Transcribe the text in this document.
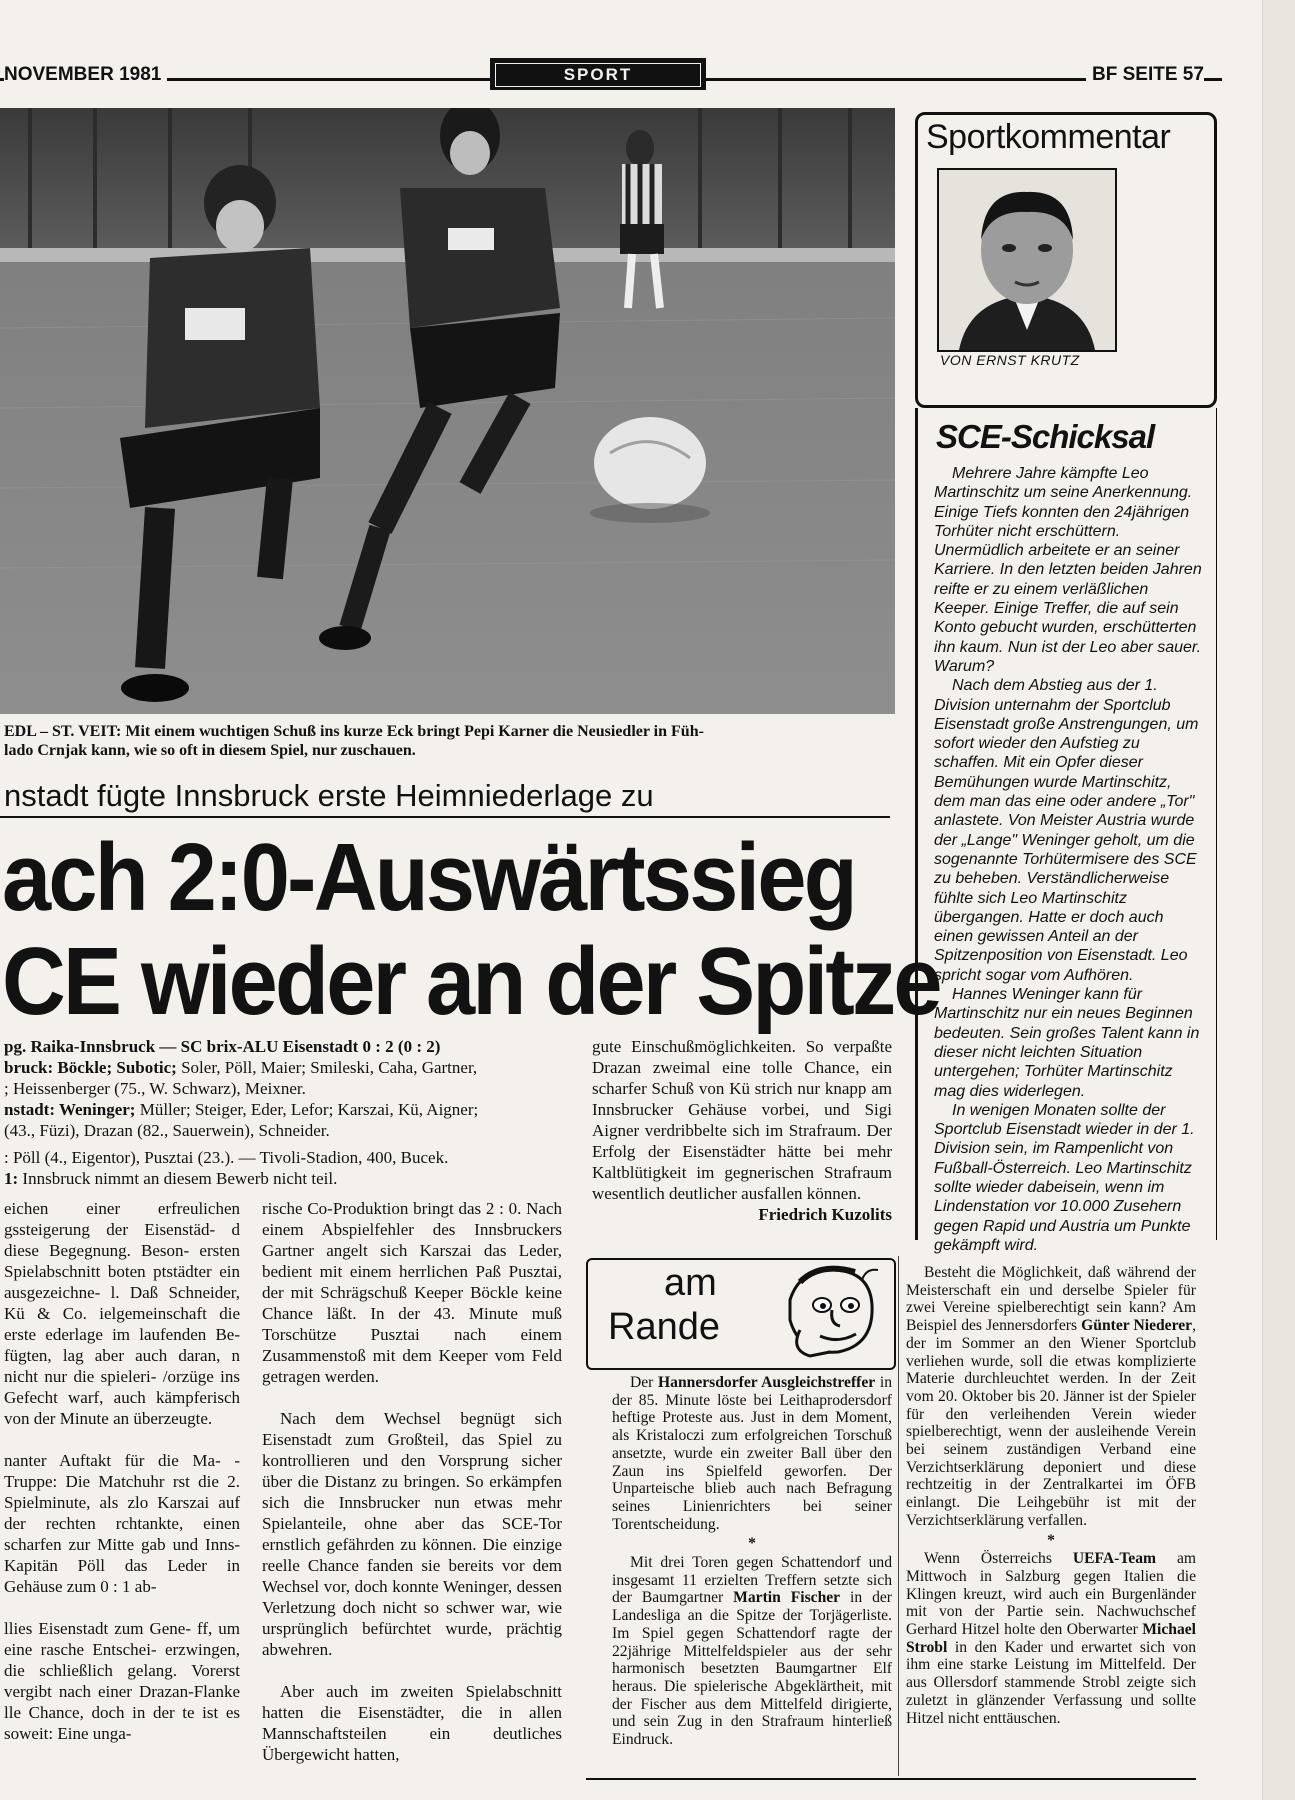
NOVEMBER 1981	SPORT	BF SEITE 57
EDL – ST. VEIT: Mit einem wuchtigen Schuß ins kurze Eck bringt Pepi Karner die Neusiedler in Füh-
lado Crnjak kann, wie so oft in diesem Spiel, nur zuschauen.
nstadt fügte Innsbruck erste Heimniederlage zu
ach 2:0-Auswärtssieg
CE wieder an der Spitze
pg. Raika-Innsbruck — SC brix-ALU Eisenstadt 0 : 2 (0 : 2)
bruck: Böckle; Subotic; Soler, Pöll, Maier; Smileski, Caha, Gartner,
; Heissenberger (75., W. Schwarz), Meixner.
nstadt: Weninger; Müller; Steiger, Eder, Lefor; Karszai, Kü, Aigner;
(43., Füzi), Drazan (82., Sauerwein), Schneider.
: Pöll (4., Eigentor), Pusztai (23.). — Tivoli-Stadion, 400, Bucek.
1: Innsbruck nimmt an diesem Bewerb nicht teil.

eichen einer erfreulichen gssteigerung der Eisenstäd- d diese Begegnung. Beson- ersten Spielabschnitt boten ptstädter ein ausgezeichne- l. Daß Schneider, Kü & Co. ielgemeinschaft die erste ederlage im laufenden Be- fügten, lag aber auch daran, n nicht nur die spieleri- /orzüge ins Gefecht warf, auch kämpferisch von der Minute an überzeugte.

nanter Auftakt für die Ma- -Truppe: Die Matchuhr rst die 2. Spielminute, als zlo Karszai auf der rechten rchtankte, einen scharfen zur Mitte gab und Inns- Kapitän Pöll das Leder in Gehäuse zum 0 : 1 ab-

llies Eisenstadt zum Gene- ff, um eine rasche Entschei- erzwingen, die schließlich gelang. Vorerst vergibt nach einer Drazan-Flanke lle Chance, doch in der te ist es soweit: Eine unga-

rische Co-Produktion bringt das 2 : 0. Nach einem Abspielfehler des Innsbruckers Gartner angelt sich Karszai das Leder, bedient mit einem herrlichen Paß Pusztai, der mit Schrägschuß Keeper Böckle keine Chance läßt. In der 43. Minute muß Torschütze Pusztai nach einem Zusammenstoß mit dem Keeper vom Feld getragen werden.

Nach dem Wechsel begnügt sich Eisenstadt zum Großteil, das Spiel zu kontrollieren und den Vorsprung sicher über die Distanz zu bringen. So erkämpfen sich die Innsbrucker nun etwas mehr Spielanteile, ohne aber das SCE-Tor ernstlich gefährden zu können. Die einzige reelle Chance fanden sie bereits vor dem Wechsel vor, doch konnte Weninger, dessen Verletzung doch nicht so schwer war, wie ursprünglich befürchtet wurde, prächtig abwehren.

Aber auch im zweiten Spielabschnitt hatten die Eisenstädter, die in allen Mannschaftsteilen ein deutliches Übergewicht hatten,

gute Einschußmöglichkeiten. So verpaßte Drazan zweimal eine tolle Chance, ein scharfer Schuß von Kü strich nur knapp am Innsbrucker Gehäuse vorbei, und Sigi Aigner verdribbelte sich im Strafraum. Der Erfolg der Eisenstädter hätte bei mehr Kaltblütigkeit im gegnerischen Strafraum wesentlich deutlicher ausfallen können.

Friedrich Kuzolits

Sportkommentar
VON ERNST KRUTZ
SCE-Schicksal

Mehrere Jahre kämpfte Leo Martinschitz um seine Anerkennung. Einige Tiefs konnten den 24jährigen Torhüter nicht erschüttern. Unermüdlich arbeitete er an seiner Karriere. In den letzten beiden Jahren reifte er zu einem verläßlichen Keeper. Einige Treffer, die auf sein Konto gebucht wurden, erschütterten ihn kaum. Nun ist der Leo aber sauer. Warum?

Nach dem Abstieg aus der 1. Division unternahm der Sportclub Eisenstadt große Anstrengungen, um sofort wieder den Aufstieg zu schaffen. Mit ein Opfer dieser Bemühungen wurde Martinschitz, dem man das eine oder andere „Tor" anlastete. Von Meister Austria wurde der „Lange" Weninger geholt, um die sogenannte Torhütermisere des SCE zu beheben. Verständlicherweise fühlte sich Leo Martinschitz übergangen. Hatte er doch auch einen gewissen Anteil an der Spitzenposition von Eisenstadt. Leo spricht sogar vom Aufhören.

Hannes Weninger kann für Martinschitz nur ein neues Beginnen bedeuten. Sein großes Talent kann in dieser nicht leichten Situation untergehen; Torhüter Martinschitz mag dies widerlegen.

In wenigen Monaten sollte der Sportclub Eisenstadt wieder in der 1. Division sein, im Rampenlicht von Fußball-Österreich. Leo Martinschitz sollte wieder dabeisein, wenn im Lindenstation vor 10.000 Zusehern gegen Rapid und Austria um Punkte gekämpft wird.

am
Rande

Der Hannersdorfer Ausgleichstreffer in der 85. Minute löste bei Leithaprodersdorf heftige Proteste aus. Just in dem Moment, als Kristaloczi zum erfolgreichen Torschuß ansetzte, wurde ein zweiter Ball über den Zaun ins Spielfeld geworfen. Der Unparteische blieb auch nach Befragung seines Linienrichters bei seiner Torentscheidung.

*

Mit drei Toren gegen Schattendorf und insgesamt 11 erzielten Treffern setzte sich der Baumgartner Martin Fischer in der Landesliga an die Spitze der Torjägerliste. Im Spiel gegen Schattendorf ragte der 22jährige Mittelfeldspieler aus der sehr harmonisch besetzten Baumgartner Elf heraus. Die spielerische Abgeklärtheit, mit der Fischer aus dem Mittelfeld dirigierte, und sein Zug in den Strafraum hinterließ Eindruck.

Besteht die Möglichkeit, daß während der Meisterschaft ein und derselbe Spieler für zwei Vereine spielberechtigt sein kann? Am Beispiel des Jennersdorfers Günter Niederer, der im Sommer an den Wiener Sportclub verliehen wurde, soll die etwas komplizierte Materie durchleuchtet werden. In der Zeit vom 20. Oktober bis 20. Jänner ist der Spieler für den verleihenden Verein wieder spielberechtigt, wenn der ausleihende Verein bei seinem zuständigen Verband eine Verzichtserklärung deponiert und diese rechtzeitig in der Zentralkartei im ÖFB einlangt. Die Leihgebühr ist mit der Verzichtserklärung verfallen.

*

Wenn Österreichs UEFA-Team am Mittwoch in Salzburg gegen Italien die Klingen kreuzt, wird auch ein Burgenländer mit von der Partie sein. Nachwuchschef Gerhard Hitzel holte den Oberwarter Michael Strobl in den Kader und erwartet sich von ihm eine starke Leistung im Mittelfeld. Der aus Ollersdorf stammende Strobl zeigte sich zuletzt in glänzender Verfassung und sollte Hitzel nicht enttäuschen.
